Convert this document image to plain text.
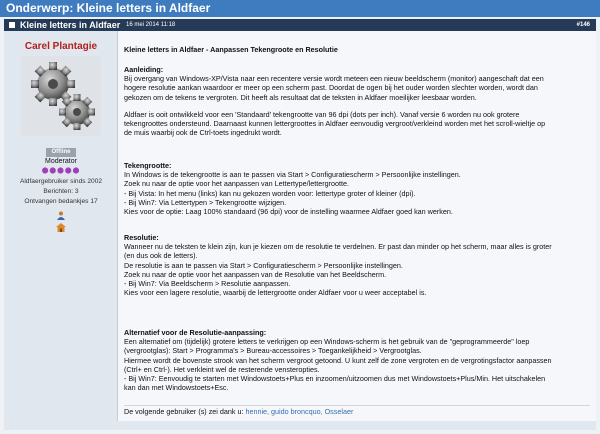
Onderwerp: Kleine letters in Aldfaer
Kleine letters in Aldfaer 16 mei 2014 11:18	#146
Carel Plantagie
Offline
Moderator
⬤⬤⬤⬤⬤
Aldfaergebruiker sinds 2002
Berichten: 3
Ontvangen bedankjes 17
Kleine letters in Aldfaer - Aanpassen Tekengroote en Resolutie

Aanleiding:

Bij overgang van Windows-XP/Vista naar een recentere versie wordt meteen een nieuw beeldscherm (monitor) aangeschaft dat een

hogere resolutie aankan waardoor er meer op een scherm past. Doordat de ogen bij het ouder worden slechter worden, wordt dan

gekozen om de tekens te vergroten. Dit heeft als resultaat dat de teksten in Aldfaer moeilijker leesbaar worden.

Aldfaer is ooit ontwikkeld voor een 'Standaard' tekengrootte van 96 dpi (dots per inch). Vanaf versie 6 worden nu ook grotere

tekengroottes ondersteund. Daarnaast kunnen lettergroottes in Aldfaer eenvoudig vergroot/verkleind worden met het scroll-wieltje op

de muis waarbij ook de Ctrl-toets ingedrukt wordt.

Tekengrootte:

In Windows is de tekengrootte is aan te passen via Start > Configuratiescherm > Persoonlijke instellingen.

Zoek nu naar de optie voor het aanpassen van Lettertype/lettergrootte.

- Bij Vista: In het menu (links) kan nu gekozen worden voor: lettertype groter of kleiner (dpi).

- Bij Win7: Via Lettertypen > Tekengrootte wijzigen.

Kies voor de optie: Laag 100% standaard (96 dpi) voor de instelling waarmee Aldfaer goed kan werken.

Resolutie:

Wanneer nu de teksten te klein zijn, kun je kiezen om de resolutie te verdelnen. Er past dan minder op het scherm, maar alles is groter

(en dus ook de letters).

De resolutie is aan te passen via Start > Configuratiescherm > Persoonlijke instellingen.

Zoek nu naar de optie voor het aanpassen van de Resolutie van het Beeldscherm.

- Bij Win7: Via Beeldscherm > Resolutie aanpassen.

Kies voor een lagere resolutie, waarbij de lettergrootte onder Aldfaer voor u weer acceptabel is.

Alternatief voor de Resolutie-aanpassing:

Een alternatief om (tijdelijk) grotere letters te verkrijgen op een Windows-scherm is het gebruik van de "geprogrammeerde" loep

(vergrootglas): Start > Programma's > Bureau-accessoires > Toegankelijkheid > Vergrootglas.

Hiermee wordt de bovenste strook van het scherm vergroot getoond. U kunt zelf de zone vergroten en de vergrotingsfactor aanpassen

(Ctrl+ en Ctrl-). Het verkleint wel de resterende vensteropties.

- Bij Win7: Eenvoudig te starten met Windowstoets+Plus en inzoomen/uitzoomen dus met Windowstoets+Plus/Min. Het uitschakelen

kan dan met Windowstoets+Esc.

De volgende gebruiker (s) zei dank u: hennie, guido broncquo, Osselaer
